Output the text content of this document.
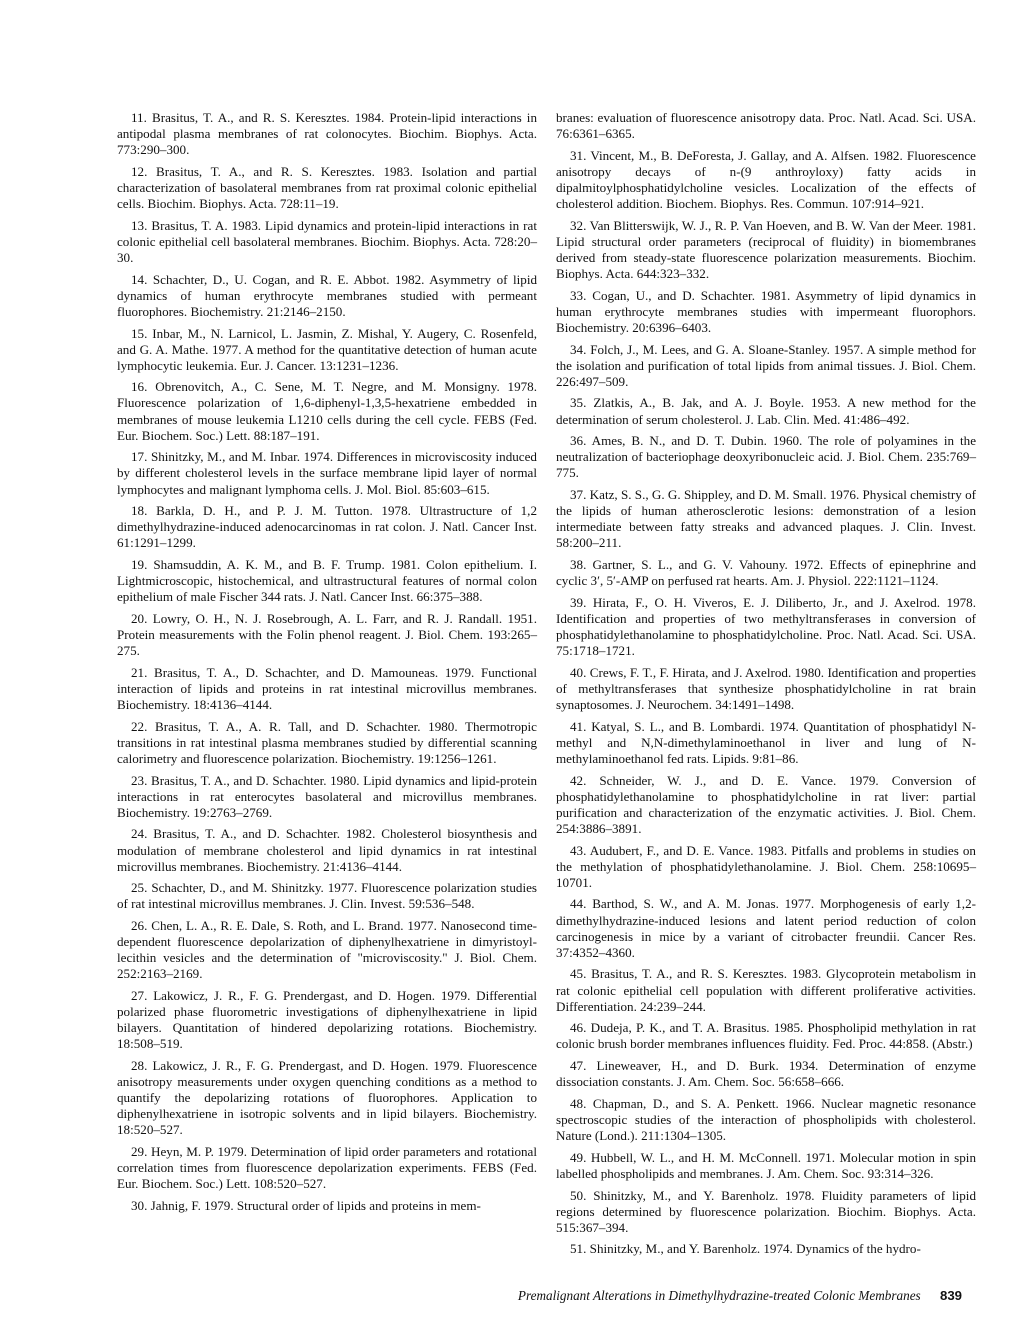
11. Brasitus, T. A., and R. S. Keresztes. 1984. Protein-lipid interactions in antipodal plasma membranes of rat colonocytes. Biochim. Biophys. Acta. 773:290–300.

12. Brasitus, T. A., and R. S. Keresztes. 1983. Isolation and partial characterization of basolateral membranes from rat proximal colonic epithelial cells. Biochim. Biophys. Acta. 728:11–19.

13. Brasitus, T. A. 1983. Lipid dynamics and protein-lipid interactions in rat colonic epithelial cell basolateral membranes. Biochim. Biophys. Acta. 728:20–30.

14. Schachter, D., U. Cogan, and R. E. Abbot. 1982. Asymmetry of lipid dynamics of human erythrocyte membranes studied with permeant fluorophores. Biochemistry. 21:2146–2150.

15. Inbar, M., N. Larnicol, L. Jasmin, Z. Mishal, Y. Augery, C. Rosenfeld, and G. A. Mathe. 1977. A method for the quantitative detection of human acute lymphocytic leukemia. Eur. J. Cancer. 13:1231–1236.

16. Obrenovitch, A., C. Sene, M. T. Negre, and M. Monsigny. 1978. Fluorescence polarization of 1,6-diphenyl-1,3,5-hexatriene embedded in membranes of mouse leukemia L1210 cells during the cell cycle. FEBS (Fed. Eur. Biochem. Soc.) Lett. 88:187–191.

17. Shinitzky, M., and M. Inbar. 1974. Differences in microviscosity induced by different cholesterol levels in the surface membrane lipid layer of normal lymphocytes and malignant lymphoma cells. J. Mol. Biol. 85:603–615.

18. Barkla, D. H., and P. J. M. Tutton. 1978. Ultrastructure of 1,2 dimethylhydrazine-induced adenocarcinomas in rat colon. J. Natl. Cancer Inst. 61:1291–1299.

19. Shamsuddin, A. K. M., and B. F. Trump. 1981. Colon epithelium. I. Lightmicroscopic, histochemical, and ultrastructural features of normal colon epithelium of male Fischer 344 rats. J. Natl. Cancer Inst. 66:375–388.

20. Lowry, O. H., N. J. Rosebrough, A. L. Farr, and R. J. Randall. 1951. Protein measurements with the Folin phenol reagent. J. Biol. Chem. 193:265–275.

21. Brasitus, T. A., D. Schachter, and D. Mamouneas. 1979. Functional interaction of lipids and proteins in rat intestinal microvillus membranes. Biochemistry. 18:4136–4144.

22. Brasitus, T. A., A. R. Tall, and D. Schachter. 1980. Thermotropic transitions in rat intestinal plasma membranes studied by differential scanning calorimetry and fluorescence polarization. Biochemistry. 19:1256–1261.

23. Brasitus, T. A., and D. Schachter. 1980. Lipid dynamics and lipid-protein interactions in rat enterocytes basolateral and microvillus membranes. Biochemistry. 19:2763–2769.

24. Brasitus, T. A., and D. Schachter. 1982. Cholesterol biosynthesis and modulation of membrane cholesterol and lipid dynamics in rat intestinal microvillus membranes. Biochemistry. 21:4136–4144.

25. Schachter, D., and M. Shinitzky. 1977. Fluorescence polarization studies of rat intestinal microvillus membranes. J. Clin. Invest. 59:536–548.

26. Chen, L. A., R. E. Dale, S. Roth, and L. Brand. 1977. Nanosecond time-dependent fluorescence depolarization of diphenylhexatriene in dimyristoyl-lecithin vesicles and the determination of "microviscosity." J. Biol. Chem. 252:2163–2169.

27. Lakowicz, J. R., F. G. Prendergast, and D. Hogen. 1979. Differential polarized phase fluorometric investigations of diphenylhexatriene in lipid bilayers. Quantitation of hindered depolarizing rotations. Biochemistry. 18:508–519.

28. Lakowicz, J. R., F. G. Prendergast, and D. Hogen. 1979. Fluorescence anisotropy measurements under oxygen quenching conditions as a method to quantify the depolarizing rotations of fluorophores. Application to diphenylhexatriene in isotropic solvents and in lipid bilayers. Biochemistry. 18:520–527.

29. Heyn, M. P. 1979. Determination of lipid order parameters and rotational correlation times from fluorescence depolarization experiments. FEBS (Fed. Eur. Biochem. Soc.) Lett. 108:520–527.

30. Jahnig, F. 1979. Structural order of lipids and proteins in mem-

branes: evaluation of fluorescence anisotropy data. Proc. Natl. Acad. Sci. USA. 76:6361–6365.

31. Vincent, M., B. DeForesta, J. Gallay, and A. Alfsen. 1982. Fluorescence anisotropy decays of n-(9 anthroyloxy) fatty acids in dipalmitoylphosphatidylcholine vesicles. Localization of the effects of cholesterol addition. Biochem. Biophys. Res. Commun. 107:914–921.

32. Van Blitterswijk, W. J., R. P. Van Hoeven, and B. W. Van der Meer. 1981. Lipid structural order parameters (reciprocal of fluidity) in biomembranes derived from steady-state fluorescence polarization measurements. Biochim. Biophys. Acta. 644:323–332.

33. Cogan, U., and D. Schachter. 1981. Asymmetry of lipid dynamics in human erythrocyte membranes studies with impermeant fluorophors. Biochemistry. 20:6396–6403.

34. Folch, J., M. Lees, and G. A. Sloane-Stanley. 1957. A simple method for the isolation and purification of total lipids from animal tissues. J. Biol. Chem. 226:497–509.

35. Zlatkis, A., B. Jak, and A. J. Boyle. 1953. A new method for the determination of serum cholesterol. J. Lab. Clin. Med. 41:486–492.

36. Ames, B. N., and D. T. Dubin. 1960. The role of polyamines in the neutralization of bacteriophage deoxyribonucleic acid. J. Biol. Chem. 235:769–775.

37. Katz, S. S., G. G. Shippley, and D. M. Small. 1976. Physical chemistry of the lipids of human atherosclerotic lesions: demonstration of a lesion intermediate between fatty streaks and advanced plaques. J. Clin. Invest. 58:200–211.

38. Gartner, S. L., and G. V. Vahouny. 1972. Effects of epinephrine and cyclic 3′, 5′-AMP on perfused rat hearts. Am. J. Physiol. 222:1121–1124.

39. Hirata, F., O. H. Viveros, E. J. Diliberto, Jr., and J. Axelrod. 1978. Identification and properties of two methyltransferases in conversion of phosphatidylethanolamine to phosphatidylcholine. Proc. Natl. Acad. Sci. USA. 75:1718–1721.

40. Crews, F. T., F. Hirata, and J. Axelrod. 1980. Identification and properties of methyltransferases that synthesize phosphatidylcholine in rat brain synaptosomes. J. Neurochem. 34:1491–1498.

41. Katyal, S. L., and B. Lombardi. 1974. Quantitation of phosphatidyl N-methyl and N,N-dimethylaminoethanol in liver and lung of N-methylaminoethanol fed rats. Lipids. 9:81–86.

42. Schneider, W. J., and D. E. Vance. 1979. Conversion of phosphatidylethanolamine to phosphatidylcholine in rat liver: partial purification and characterization of the enzymatic activities. J. Biol. Chem. 254:3886–3891.

43. Audubert, F., and D. E. Vance. 1983. Pitfalls and problems in studies on the methylation of phosphatidylethanolamine. J. Biol. Chem. 258:10695–10701.

44. Barthod, S. W., and A. M. Jonas. 1977. Morphogenesis of early 1,2-dimethylhydrazine-induced lesions and latent period reduction of colon carcinogenesis in mice by a variant of citrobacter freundii. Cancer Res. 37:4352–4360.

45. Brasitus, T. A., and R. S. Keresztes. 1983. Glycoprotein metabolism in rat colonic epithelial cell population with different proliferative activities. Differentiation. 24:239–244.

46. Dudeja, P. K., and T. A. Brasitus. 1985. Phospholipid methylation in rat colonic brush border membranes influences fluidity. Fed. Proc. 44:858. (Abstr.)

47. Lineweaver, H., and D. Burk. 1934. Determination of enzyme dissociation constants. J. Am. Chem. Soc. 56:658–666.

48. Chapman, D., and S. A. Penkett. 1966. Nuclear magnetic resonance spectroscopic studies of the interaction of phospholipids with cholesterol. Nature (Lond.). 211:1304–1305.

49. Hubbell, W. L., and H. M. McConnell. 1971. Molecular motion in spin labelled phospholipids and membranes. J. Am. Chem. Soc. 93:314–326.

50. Shinitzky, M., and Y. Barenholz. 1978. Fluidity parameters of lipid regions determined by fluorescence polarization. Biochim. Biophys. Acta. 515:367–394.

51. Shinitzky, M., and Y. Barenholz. 1974. Dynamics of the hydro-

Premalignant Alterations in Dimethylhydrazine-treated Colonic Membranes 839
